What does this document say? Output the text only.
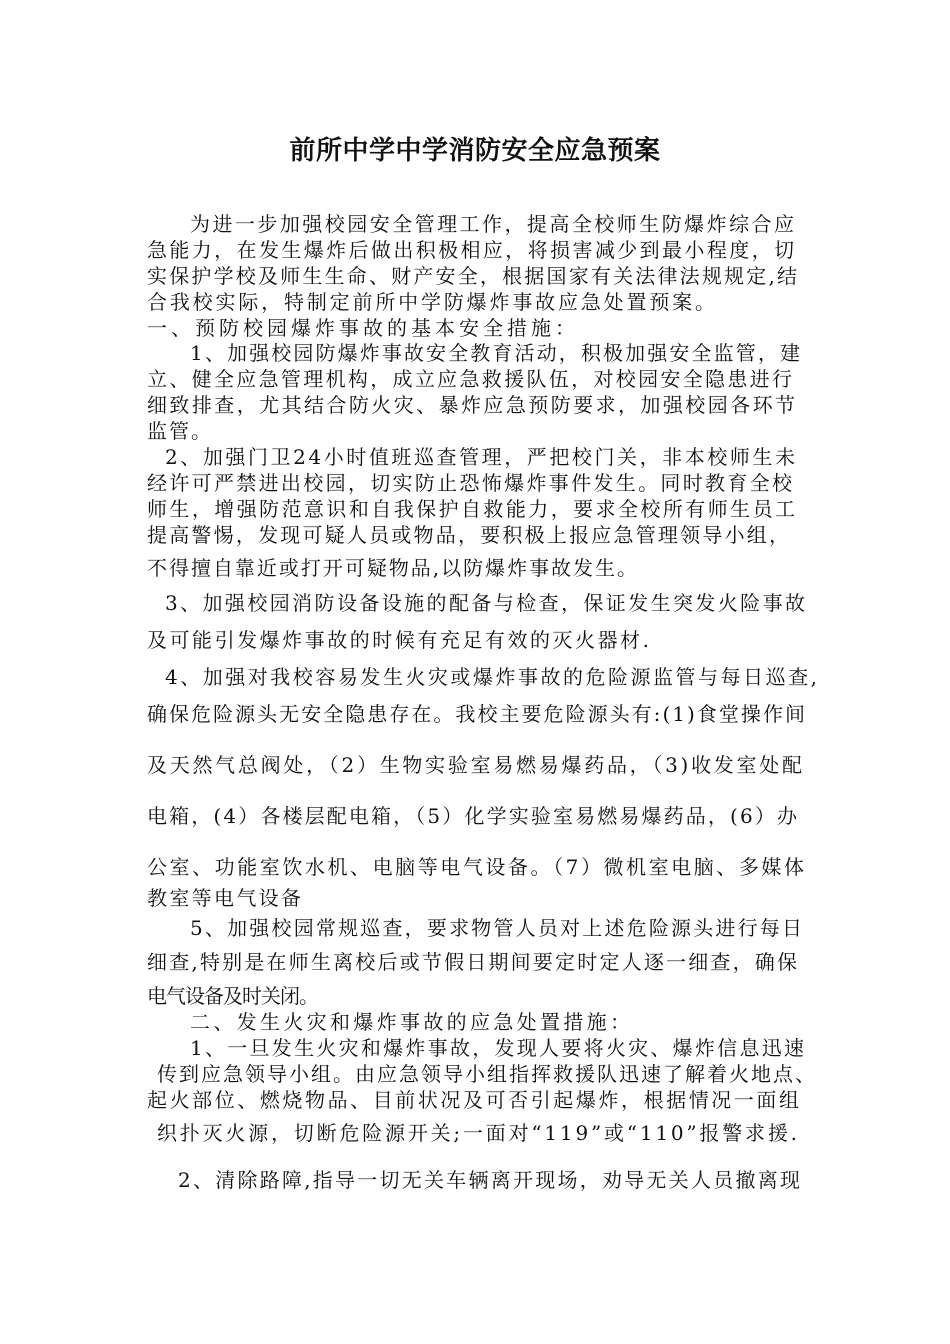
前所中学中学消防安全应急预案
为进一步加强校园安全管理工作，提高全校师生防爆炸综合应
急能力，在发生爆炸后做出积极相应，将损害减少到最小程度，切
实保护学校及师生生命、财产安全，根据国家有关法律法规规定,结
合我校实际，特制定前所中学防爆炸事故应急处置预案。
一、预防校园爆炸事故的基本安全措施：
1、加强校园防爆炸事故安全教育活动，积极加强安全监管，建
立、健全应急管理机构，成立应急救援队伍，对校园安全隐患进行
细致排查，尤其结合防火灾、暴炸应急预防要求，加强校园各环节
监管。
2、加强门卫24小时值班巡查管理，严把校门关，非本校师生未
经许可严禁进出校园，切实防止恐怖爆炸事件发生。同时教育全校
师生，增强防范意识和自我保护自救能力，要求全校所有师生员工
提高警惕，发现可疑人员或物品，要积极上报应急管理领导小组，
不得擅自靠近或打开可疑物品,以防爆炸事故发生。
3、加强校园消防设备设施的配备与检查，保证发生突发火险事故
及可能引发爆炸事故的时候有充足有效的灭火器材.
4、加强对我校容易发生火灾或爆炸事故的危险源监管与每日巡查,
确保危险源头无安全隐患存在。我校主要危险源头有:(1)食堂操作间
及天然气总阀处，（2）生物实验室易燃易爆药品，（3)收发室处配
电箱，(4）各楼层配电箱，（5）化学实验室易燃易爆药品，(6）办
公室、功能室饮水机、电脑等电气设备。（7）微机室电脑、多媒体
教室等电气设备
5、加强校园常规巡查，要求物管人员对上述危险源头进行每日
细查,特别是在师生离校后或节假日期间要定时定人逐一细查，确保
电气设备及时关闭。
二、发生火灾和爆炸事故的应急处置措施：
1、一旦发生火灾和爆炸事故，发现人要将火灾、爆炸信息迅速
传到应急领导小组。由应急领导小组指挥救援队迅速了解着火地点、
起火部位、燃烧物品、目前状况及可否引起爆炸，根据情况一面组
织扑灭火源，切断危险源开关;一面对“119”或“110”报警求援.
2、清除路障,指导一切无关车辆离开现场，劝导无关人员撤离现
